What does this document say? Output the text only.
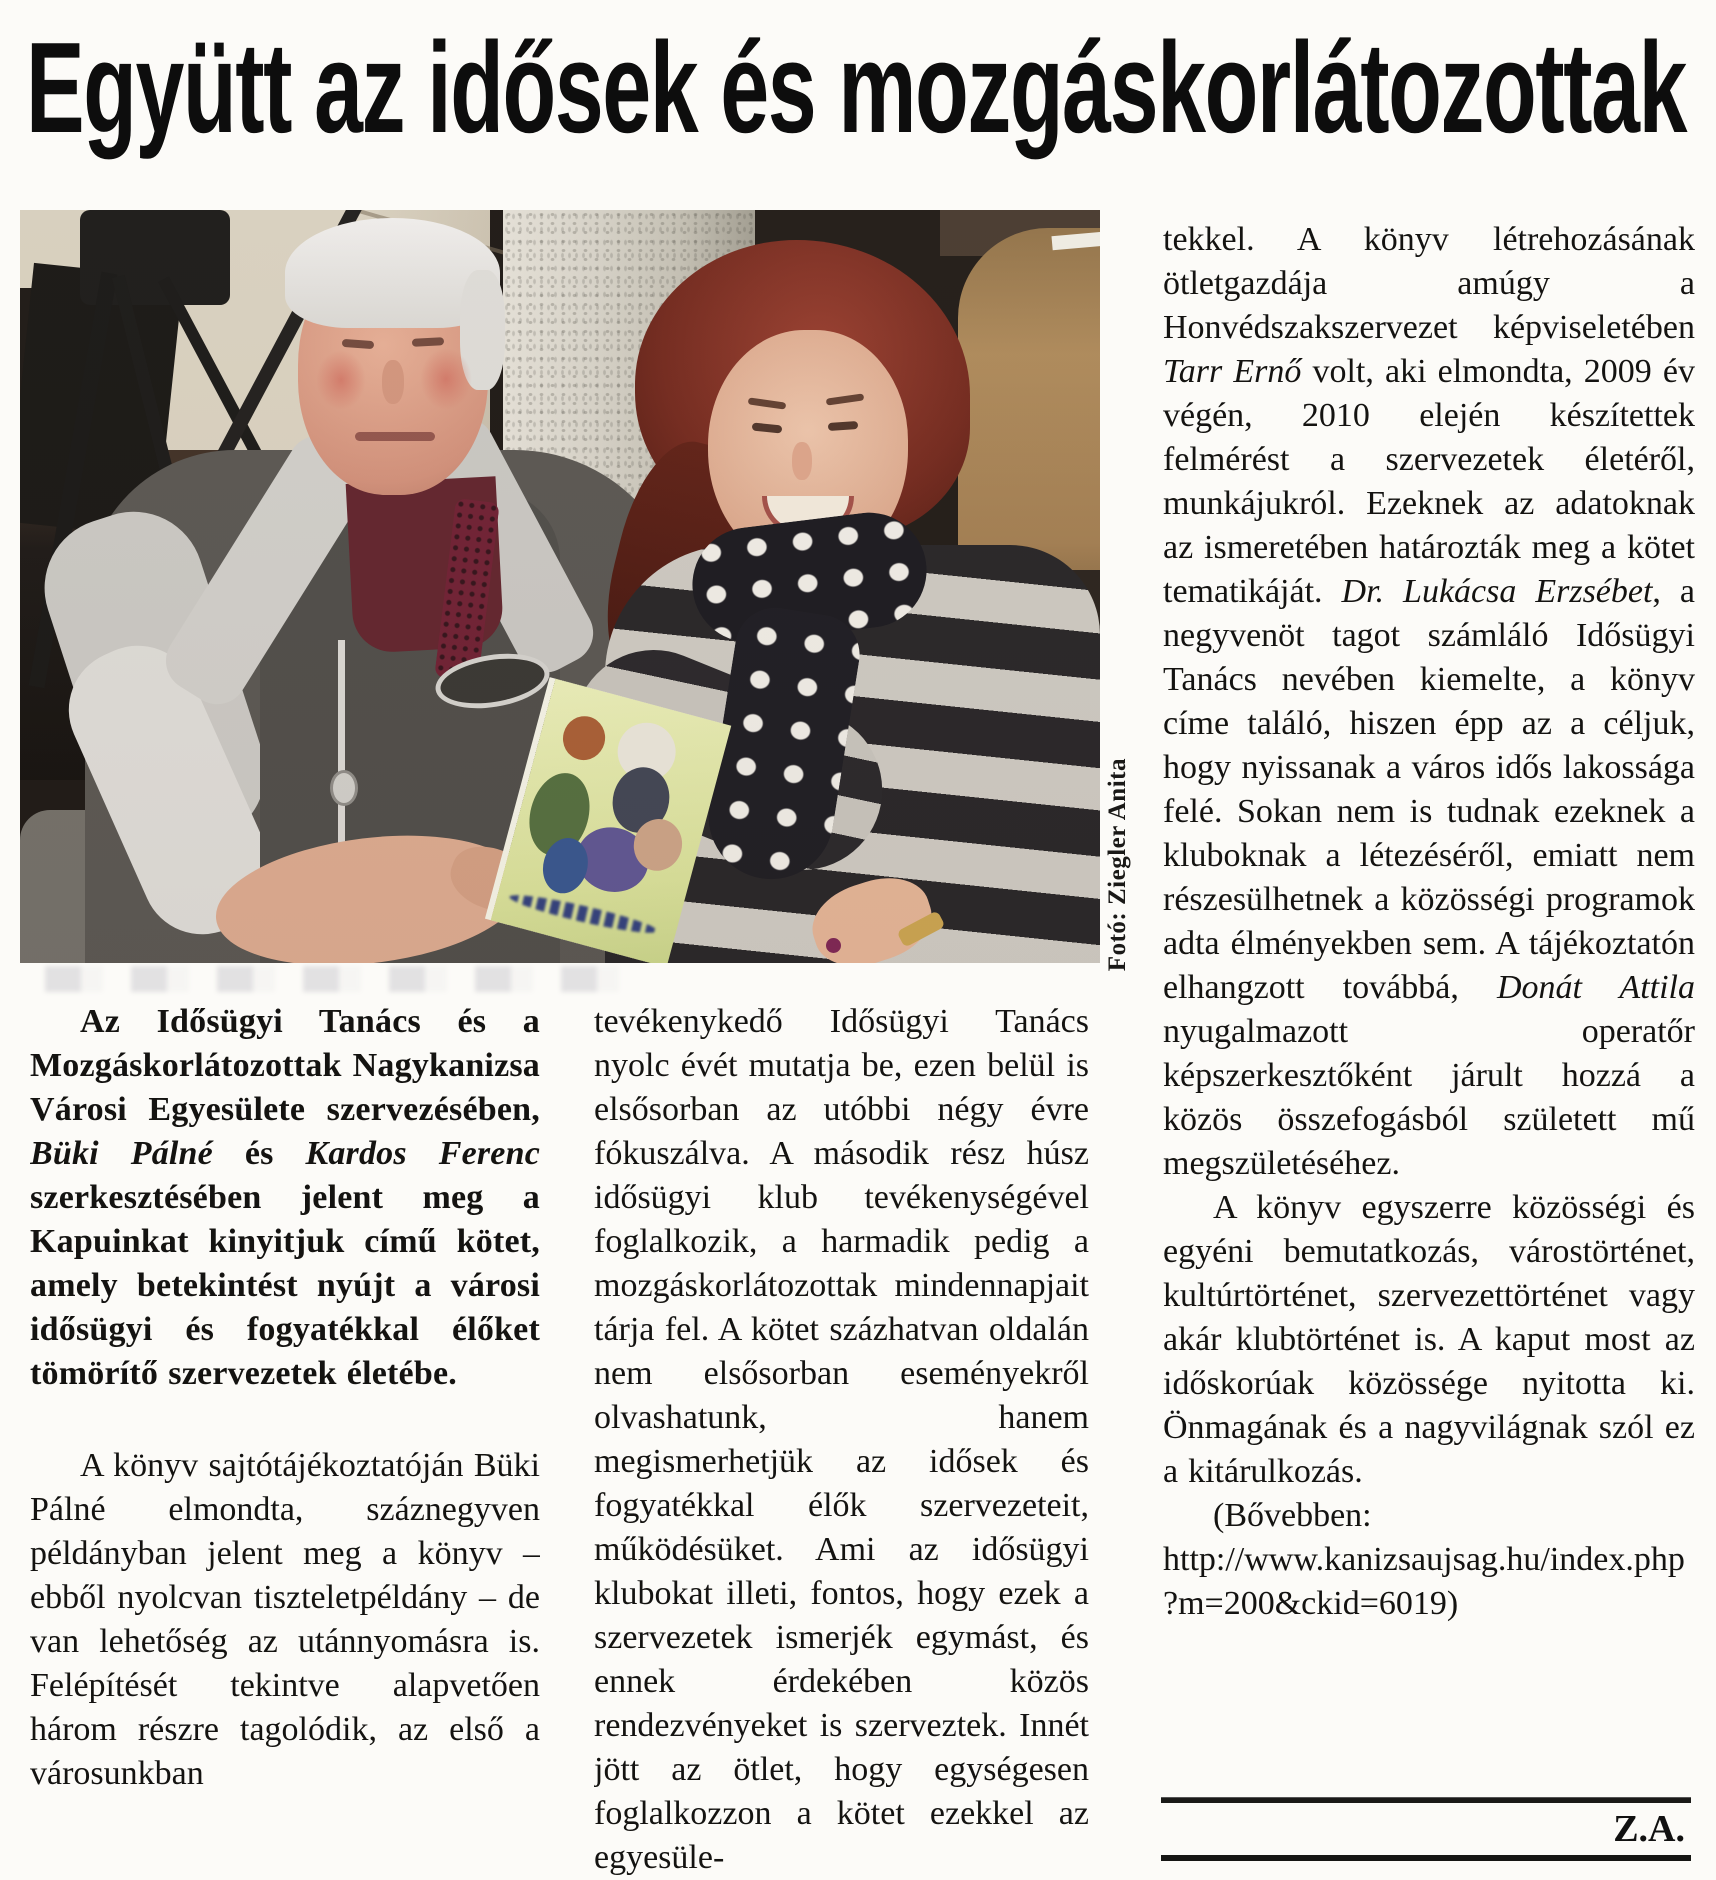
Együtt az idősek és mozgáskorlátozottak
Fotó: Ziegler Anita

Az Idősügyi Tanács és a Mozgáskorlátozottak Nagykanizsa Városi Egyesülete szervezésében, Büki Pálné és Kardos Ferenc szerkesztésében jelent meg a Kapuinkat kinyitjuk című kötet, amely betekintést nyújt a városi idősügyi és fogyatékkal élőket tömörítő szervezetek életébe.

A könyv sajtótájékoztatóján Büki Pálné elmondta, száznegyven példányban jelent meg a könyv – ebből nyolcvan tiszteletpéldány – de van lehetőség az utánnyomásra is. Felépítését tekintve alapvetően három részre tagolódik, az első a városunkban

tevékenykedő Idősügyi Tanács nyolc évét mutatja be, ezen belül is elsősorban az utóbbi négy évre fókuszálva. A második rész húsz idősügyi klub tevékenységével foglalkozik, a harmadik pedig a mozgáskorlátozottak mindennapjait tárja fel. A kötet százhatvan oldalán nem elsősorban eseményekről olvashatunk, hanem megismerhetjük az idősek és fogyatékkal élők szervezeteit, működésüket. Ami az idősügyi klubokat illeti, fontos, hogy ezek a szervezetek ismerjék egymást, és ennek érdekében közös rendezvényeket is szerveztek. Innét jött az ötlet, hogy egységesen foglalkozzon a kötet ezekkel az egyesüle-

tekkel. A könyv létrehozásának ötletgazdája amúgy a Honvédszakszervezet képviseletében Tarr Ernő volt, aki elmondta, 2009 év végén, 2010 elején készítettek felmérést a szervezetek életéről, munkájukról. Ezeknek az adatoknak az ismeretében határozták meg a kötet tematikáját. Dr. Lukácsa Erzsébet, a negyvenöt tagot számláló Idősügyi Tanács nevében kiemelte, a könyv címe találó, hiszen épp az a céljuk, hogy nyissanak a város idős lakossága felé. Sokan nem is tudnak ezeknek a kluboknak a létezéséről, emiatt nem részesülhetnek a közösségi programok adta élményekben sem. A tájékoztatón elhangzott továbbá, Donát Attila nyugalmazott operatőr képszerkesztőként járult hozzá a közös összefogásból született mű megszületéséhez.

A könyv egyszerre közösségi és egyéni bemutatkozás, várostörténet, kultúrtörténet, szervezettörténet vagy akár klubtörténet is. A kaput most az időskorúak közössége nyitotta ki. Önmagának és a nagyvilágnak szól ez a kitárulkozás.

(Bővebben: http://www.kanizsaujsag.hu/index.php?m=200&ckid=6019)

Z.A.
